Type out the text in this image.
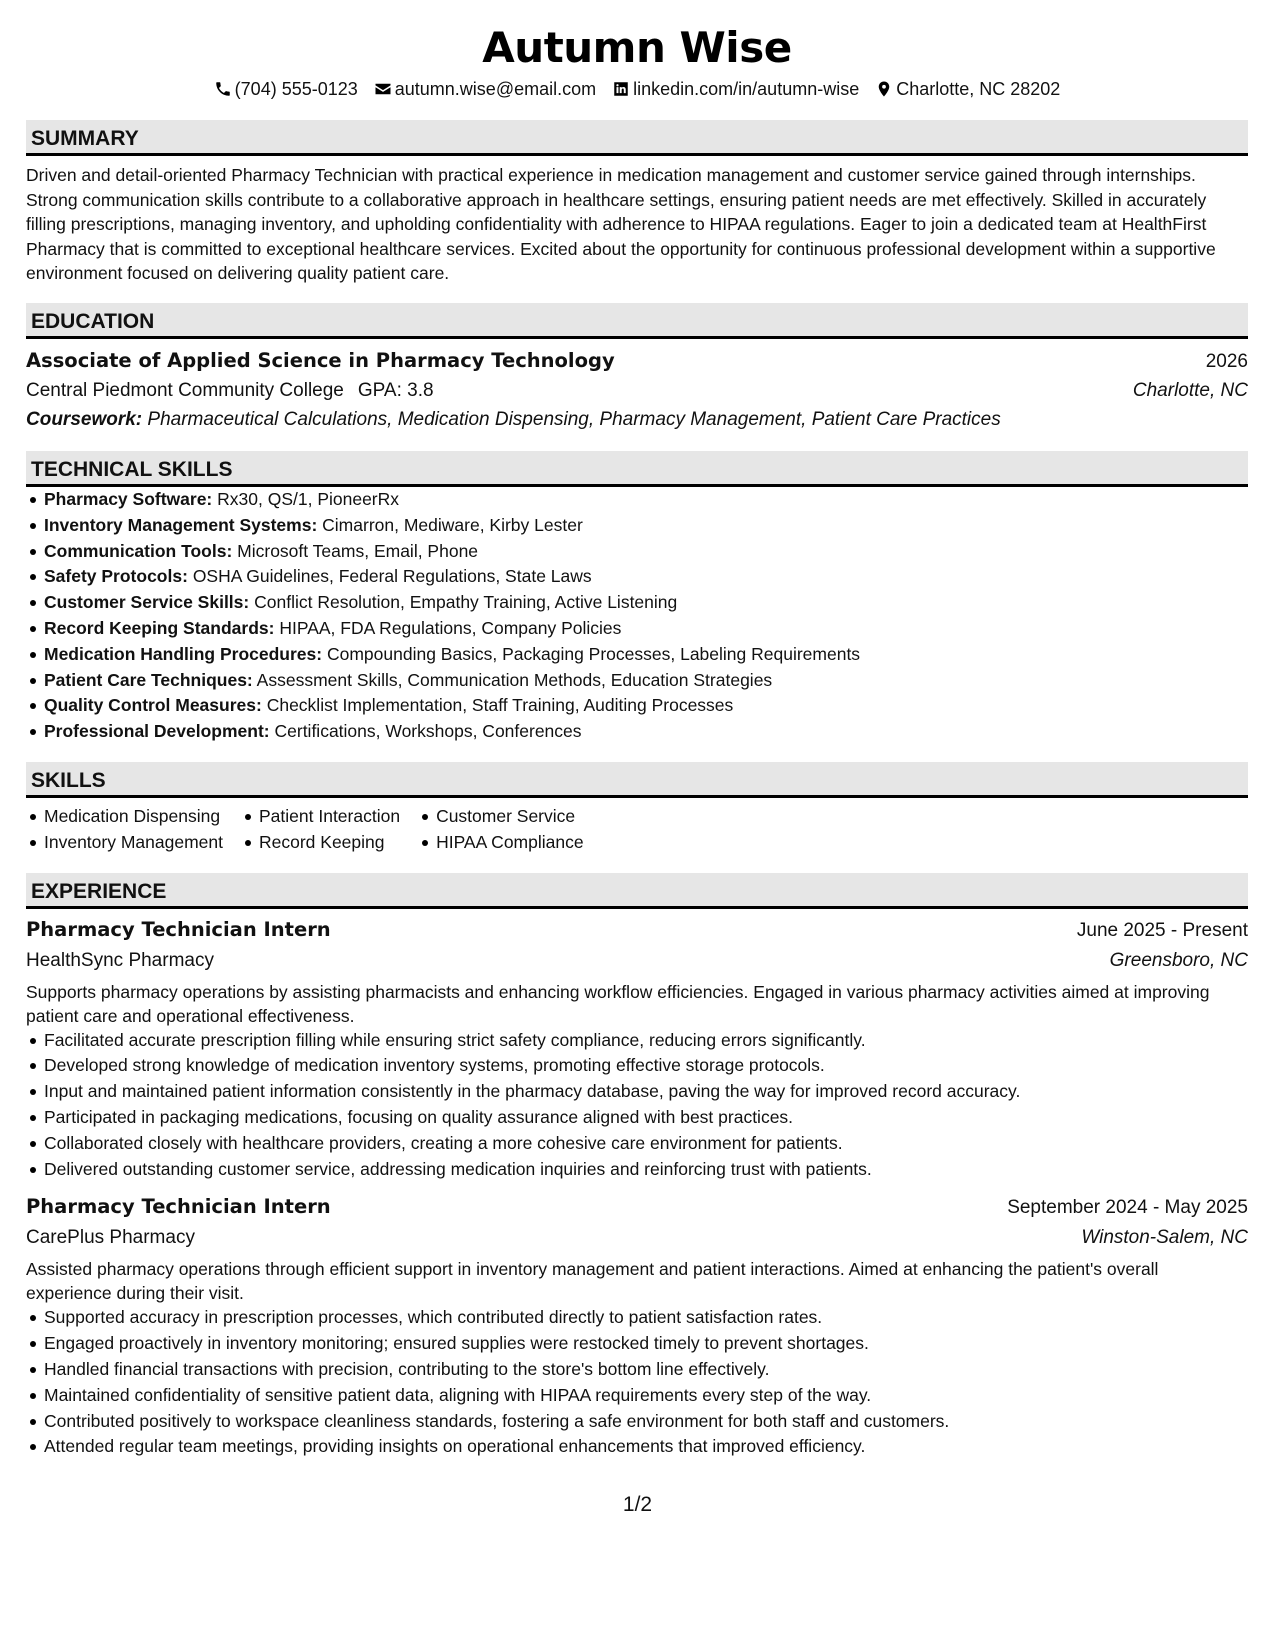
Autumn Wise
(704) 555-0123 autumn.wise@email.com linkedin.com/in/autumn-wise Charlotte, NC 28202
SUMMARY
Driven and detail-oriented Pharmacy Technician with practical experience in medication management and customer service gained through internships. Strong communication skills contribute to a collaborative approach in healthcare settings, ensuring patient needs are met effectively. Skilled in accurately filling prescriptions, managing inventory, and upholding confidentiality with adherence to HIPAA regulations. Eager to join a dedicated team at HealthFirst Pharmacy that is committed to exceptional healthcare services. Excited about the opportunity for continuous professional development within a supportive environment focused on delivering quality patient care.
EDUCATION
Associate of Applied Science in Pharmacy Technology	2026
Central Piedmont Community College GPA: 3.8	Charlotte, NC
Coursework: Pharmaceutical Calculations, Medication Dispensing, Pharmacy Management, Patient Care Practices
TECHNICAL SKILLS
Pharmacy Software: Rx30, QS/1, PioneerRx
Inventory Management Systems: Cimarron, Mediware, Kirby Lester
Communication Tools: Microsoft Teams, Email, Phone
Safety Protocols: OSHA Guidelines, Federal Regulations, State Laws
Customer Service Skills: Conflict Resolution, Empathy Training, Active Listening
Record Keeping Standards: HIPAA, FDA Regulations, Company Policies
Medication Handling Procedures: Compounding Basics, Packaging Processes, Labeling Requirements
Patient Care Techniques: Assessment Skills, Communication Methods, Education Strategies
Quality Control Measures: Checklist Implementation, Staff Training, Auditing Processes
Professional Development: Certifications, Workshops, Conferences
SKILLS
Medication Dispensing
Inventory Management
Patient Interaction
Record Keeping
Customer Service
HIPAA Compliance
EXPERIENCE
Pharmacy Technician Intern	June 2025 - Present
HealthSync Pharmacy	Greensboro, NC
Supports pharmacy operations by assisting pharmacists and enhancing workflow efficiencies. Engaged in various pharmacy activities aimed at improving patient care and operational effectiveness.
Facilitated accurate prescription filling while ensuring strict safety compliance, reducing errors significantly.
Developed strong knowledge of medication inventory systems, promoting effective storage protocols.
Input and maintained patient information consistently in the pharmacy database, paving the way for improved record accuracy.
Participated in packaging medications, focusing on quality assurance aligned with best practices.
Collaborated closely with healthcare providers, creating a more cohesive care environment for patients.
Delivered outstanding customer service, addressing medication inquiries and reinforcing trust with patients.
Pharmacy Technician Intern	September 2024 - May 2025
CarePlus Pharmacy	Winston-Salem, NC
Assisted pharmacy operations through efficient support in inventory management and patient interactions. Aimed at enhancing the patient's overall experience during their visit.
Supported accuracy in prescription processes, which contributed directly to patient satisfaction rates.
Engaged proactively in inventory monitoring; ensured supplies were restocked timely to prevent shortages.
Handled financial transactions with precision, contributing to the store's bottom line effectively.
Maintained confidentiality of sensitive patient data, aligning with HIPAA requirements every step of the way.
Contributed positively to workspace cleanliness standards, fostering a safe environment for both staff and customers.
Attended regular team meetings, providing insights on operational enhancements that improved efficiency.
1/2
